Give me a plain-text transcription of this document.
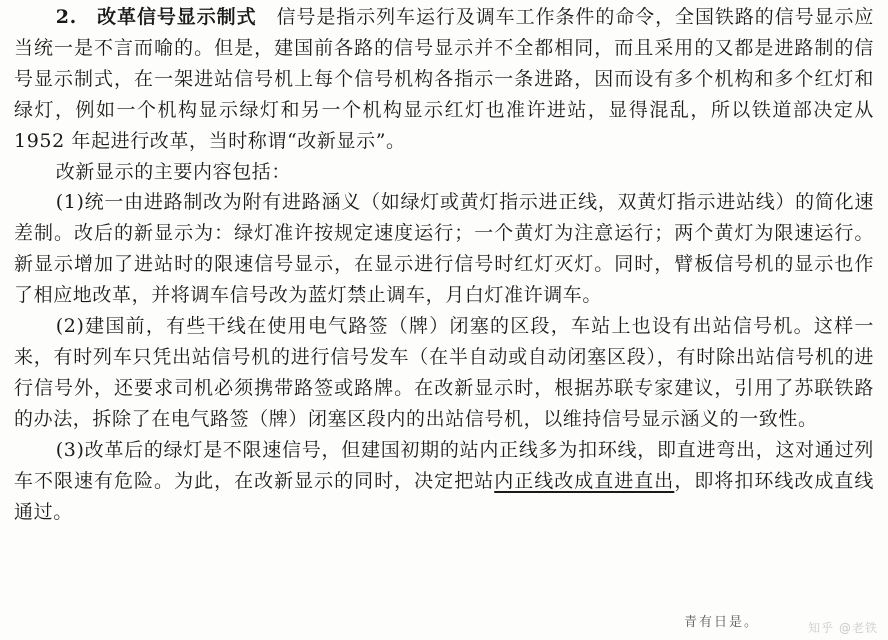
2.　改革信号显示制式　 信号是指示列车运行及调车工作条件的命令，全国铁路的信号显示应当统一是不言而喻的。但是，建国前各路的信号显示并不全都相同，而且采用的又都是进路制的信号显示制式，在一架进站信号机上每个信号机构各指示一条进路，因而设有多个机构和多个红灯和绿灯，例如一个机构显示绿灯和另一个机构显示红灯也准许进站，显得混乱，所以铁道部决定从 1952 年起进行改革，当时称谓“改新显示”。

改新显示的主要内容包括：

(1)统一由进路制改为附有进路涵义（如绿灯或黄灯指示进正线，双黄灯指示进站线）的简化速差制。改后的新显示为：绿灯准许按规定速度运行；一个黄灯为注意运行；两个黄灯为限速运行。新显示增加了进站时的限速信号显示，在显示进行信号时红灯灭灯。同时，臂板信号机的显示也作了相应地改革，并将调车信号改为蓝灯禁止调车，月白灯准许调车。

(2)建国前，有些干线在使用电气路签（牌）闭塞的区段，车站上也设有出站信号机。这样一来，有时列车只凭出站信号机的进行信号发车（在半自动或自动闭塞区段），有时除出站信号机的进行信号外，还要求司机必须携带路签或路牌。在改新显示时，根据苏联专家建议，引用了苏联铁路的办法，拆除了在电气路签（牌）闭塞区段内的出站信号机，以维持信号显示涵义的一致性。

(3)改革后的绿灯是不限速信号，但建国初期的站内正线多为扣环线，即直进弯出，这对通过列车不限速有危险。为此，在改新显示的同时，决定把站内正线改成直进直出，即将扣环线改成直线通过。

青有日是。	知乎 @老铁
